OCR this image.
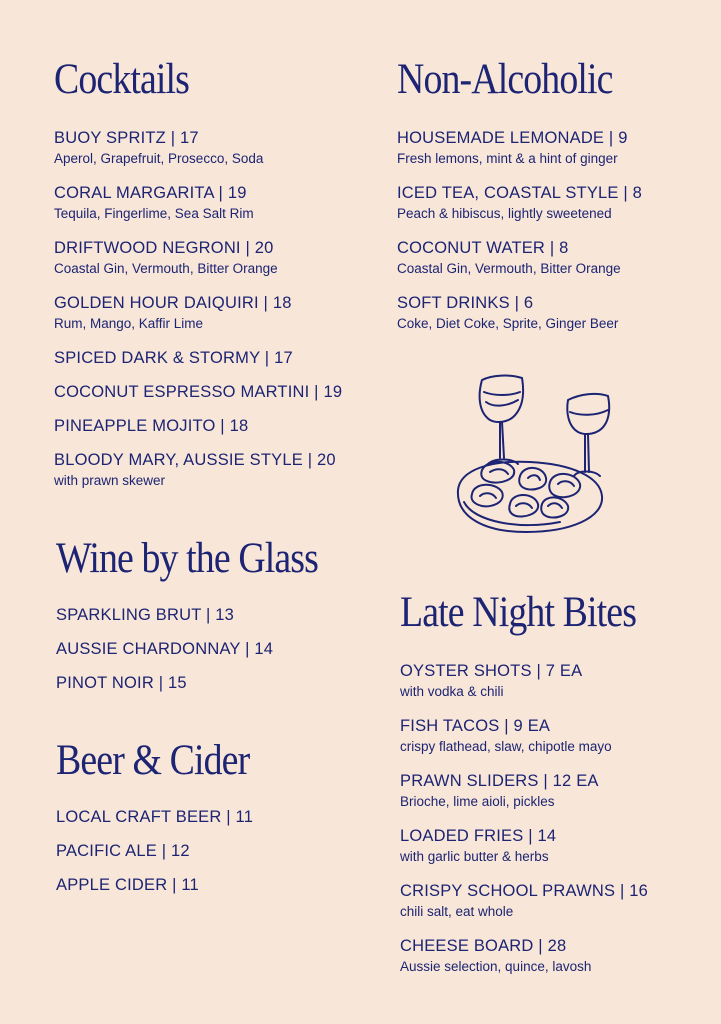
Cocktails
BUOY SPRITZ | 17
Aperol, Grapefruit, Prosecco, Soda
CORAL MARGARITA | 19
Tequila, Fingerlime, Sea Salt Rim
DRIFTWOOD NEGRONI | 20
Coastal Gin, Vermouth, Bitter Orange
GOLDEN HOUR DAIQUIRI | 18
Rum, Mango, Kaffir Lime
SPICED DARK & STORMY | 17
COCONUT ESPRESSO MARTINI | 19
PINEAPPLE MOJITO | 18
BLOODY MARY, AUSSIE STYLE | 20
with prawn skewer
Wine by the Glass
SPARKLING BRUT | 13
AUSSIE CHARDONNAY | 14
PINOT NOIR | 15
Beer & Cider
LOCAL CRAFT BEER | 11
PACIFIC ALE | 12
APPLE CIDER | 11
Non-Alcoholic
HOUSEMADE LEMONADE | 9
Fresh lemons, mint & a hint of ginger
ICED TEA, COASTAL STYLE | 8
Peach & hibiscus, lightly sweetened
COCONUT WATER | 8
Coastal Gin, Vermouth, Bitter Orange
SOFT DRINKS | 6
Coke, Diet Coke, Sprite, Ginger Beer
Late Night Bites
OYSTER SHOTS | 7 EA
with vodka & chili
FISH TACOS | 9 EA
crispy flathead, slaw, chipotle mayo
PRAWN SLIDERS | 12 EA
Brioche, lime aioli, pickles
LOADED FRIES | 14
with garlic butter & herbs
CRISPY SCHOOL PRAWNS | 16
chili salt, eat whole
CHEESE BOARD | 28
Aussie selection, quince, lavosh
